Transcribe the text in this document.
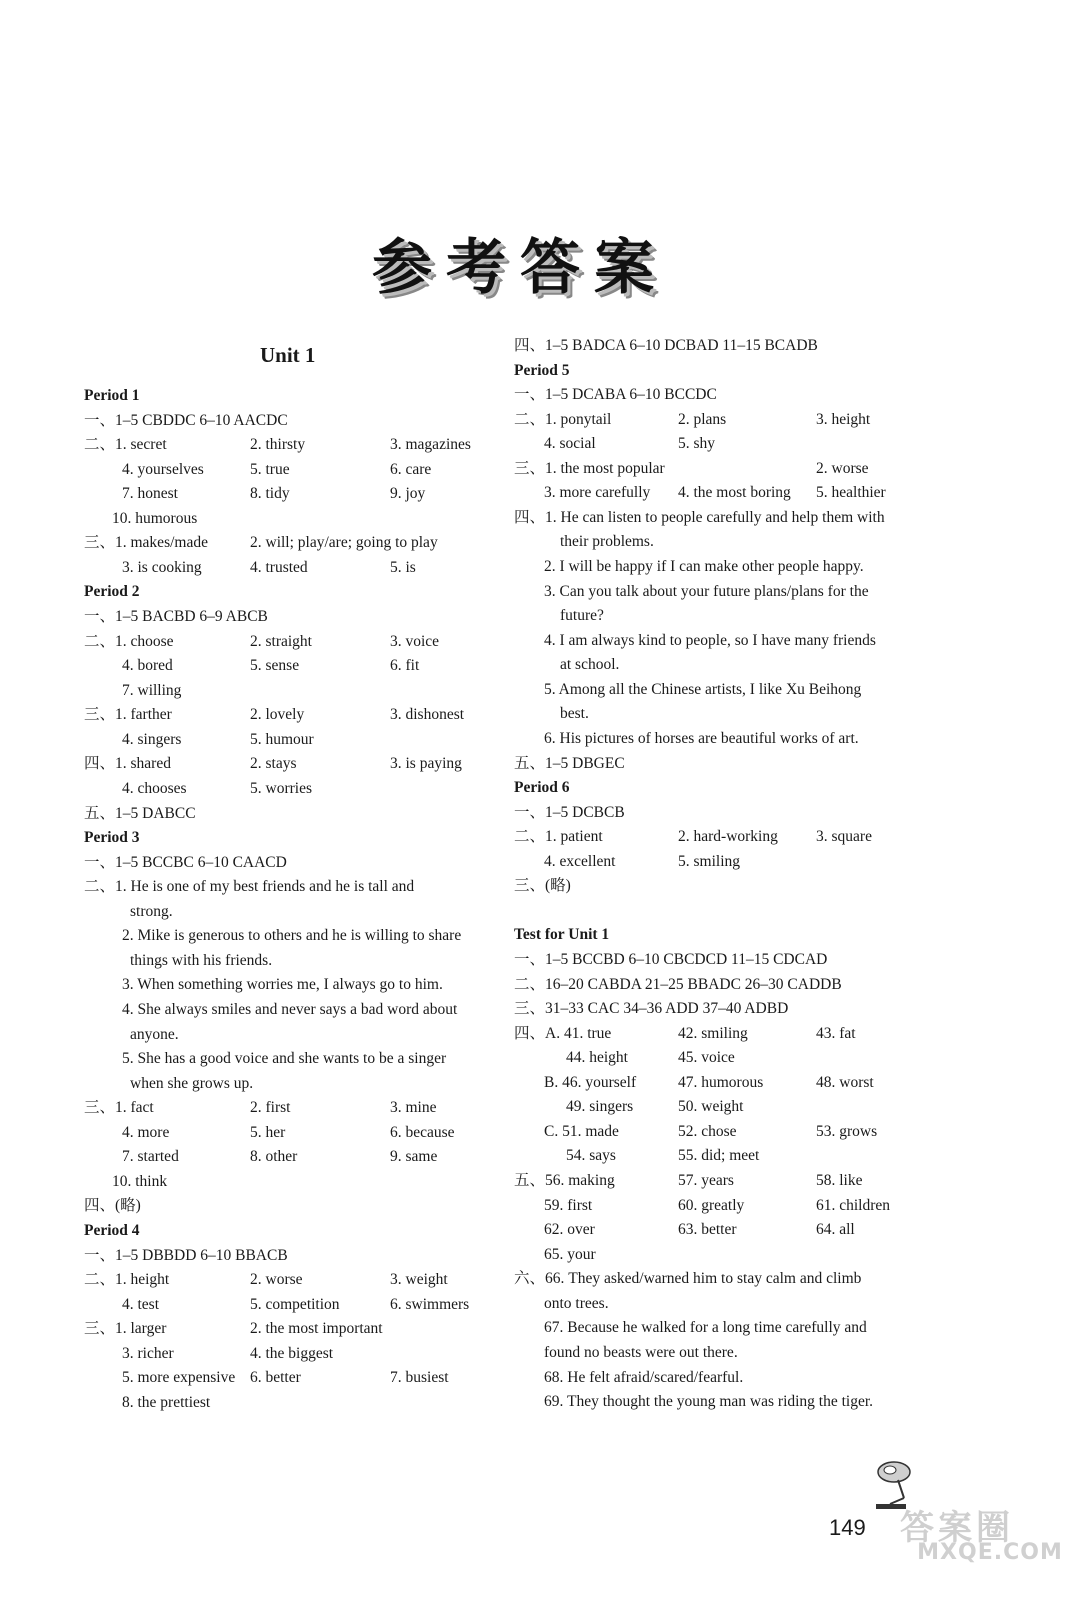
参考答案
Unit 1
Period 1
一、1–5 CBDDC 6–10 AACDC
二、1. secret	2. thirsty	3. magazines
4. yourselves	5. true	6. care
7. honest	8. tidy	9. joy
10. humorous
三、1. makes/made	2. will; play/are; going to play
3. is cooking	4. trusted	5. is
Period 2
一、1–5 BACBD 6–9 ABCB
二、1. choose	2. straight	3. voice
4. bored	5. sense	6. fit
7. willing
三、1. farther	2. lovely	3. dishonest
4. singers	5. humour
四、1. shared	2. stays	3. is paying
4. chooses	5. worries
五、1–5 DABCC
Period 3
一、1–5 BCCBC 6–10 CAACD
二、1. He is one of my best friends and he is tall and
strong.
2. Mike is generous to others and he is willing to share
things with his friends.
3. When something worries me, I always go to him.
4. She always smiles and never says a bad word about
anyone.
5. She has a good voice and she wants to be a singer
when she grows up.
三、1. fact	2. first	3. mine
4. more	5. her	6. because
7. started	8. other	9. same
10. think
四、(略)
Period 4
一、1–5 DBBDD 6–10 BBACB
二、1. height	2. worse	3. weight
4. test	5. competition	6. swimmers
三、1. larger	2. the most important
3. richer	4. the biggest
5. more expensive 6. better	7. busiest
8. the prettiest
四、1–5 BADCA 6–10 DCBAD 11–15 BCADB
Period 5
一、1–5 DCABA 6–10 BCCDC
二、1. ponytail	2. plans	3. height
4. social	5. shy
三、1. the most popular	2. worse
3. more carefully 4. the most boring 5. healthier
四、1. He can listen to people carefully and help them with
their problems.
2. I will be happy if I can make other people happy.
3. Can you talk about your future plans/plans for the
future?
4. I am always kind to people, so I have many friends
at school.
5. Among all the Chinese artists, I like Xu Beihong
best.
6. His pictures of horses are beautiful works of art.
五、1–5 DBGEC
Period 6
一、1–5 DCBCB
二、1. patient	2. hard-working 3. square
4. excellent	5. smiling
三、(略)
Test for Unit 1
一、1–5 BCCBD 6–10 CBCDCD 11–15 CDCAD
二、16–20 CABDA 21–25 BBADC 26–30 CADDB
三、31–33 CAC 34–36 ADD 37–40 ADBD
四、A. 41. true	42. smiling	43. fat
44. height	45. voice
B. 46. yourself	47. humorous	48. worst
49. singers	50. weight
C. 51. made	52. chose	53. grows
54. says	55. did; meet
五、56. making	57. years	58. like
59. first	60. greatly	61. children
62. over	63. better	64. all
65. your
六、66. They asked/warned him to stay calm and climb
onto trees.
67. Because he walked for a long time carefully and
found no beasts were out there.
68. He felt afraid/scared/fearful.
69. They thought the young man was riding the tiger.
149 答案圈
MXQE.COM
